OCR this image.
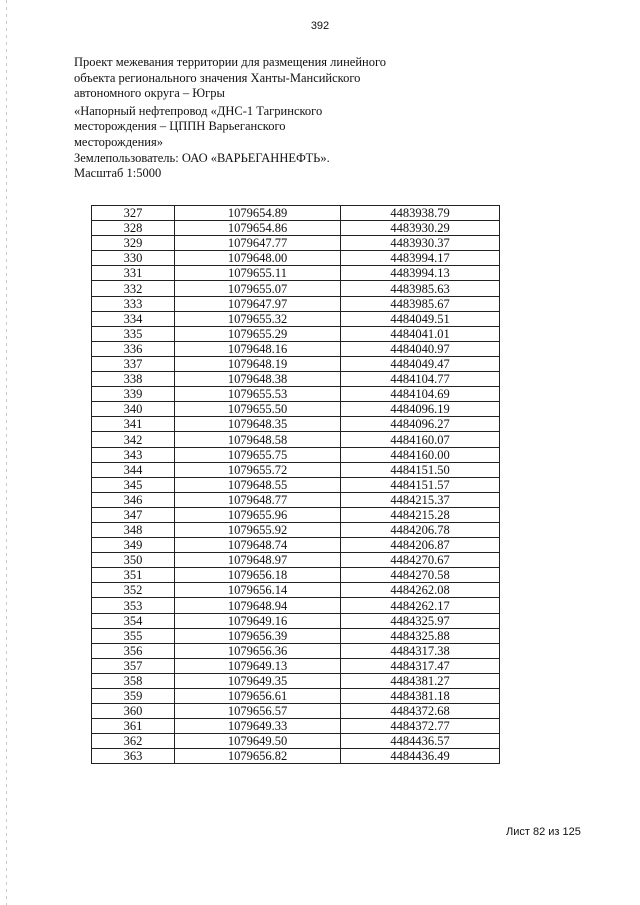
392
Проект межевания территории для размещения линейного
объекта регионального значения Ханты-Мансийского
автономного округа – Югры
«Напорный нефтепровод «ДНС-1 Тагринского
месторождения – ЦППН Варьеганского
месторождения»
Землепользователь: ОАО «ВАРЬЕГАННЕФТЬ».
Масштаб 1:5000
327	1079654.89	4483938.79
328	1079654.86	4483930.29
329	1079647.77	4483930.37
330	1079648.00	4483994.17
331	1079655.11	4483994.13
332	1079655.07	4483985.63
333	1079647.97	4483985.67
334	1079655.32	4484049.51
335	1079655.29	4484041.01
336	1079648.16	4484040.97
337	1079648.19	4484049.47
338	1079648.38	4484104.77
339	1079655.53	4484104.69
340	1079655.50	4484096.19
341	1079648.35	4484096.27
342	1079648.58	4484160.07
343	1079655.75	4484160.00
344	1079655.72	4484151.50
345	1079648.55	4484151.57
346	1079648.77	4484215.37
347	1079655.96	4484215.28
348	1079655.92	4484206.78
349	1079648.74	4484206.87
350	1079648.97	4484270.67
351	1079656.18	4484270.58
352	1079656.14	4484262.08
353	1079648.94	4484262.17
354	1079649.16	4484325.97
355	1079656.39	4484325.88
356	1079656.36	4484317.38
357	1079649.13	4484317.47
358	1079649.35	4484381.27
359	1079656.61	4484381.18
360	1079656.57	4484372.68
361	1079649.33	4484372.77
362	1079649.50	4484436.57
363	1079656.82	4484436.49
Лист 82 из 125
